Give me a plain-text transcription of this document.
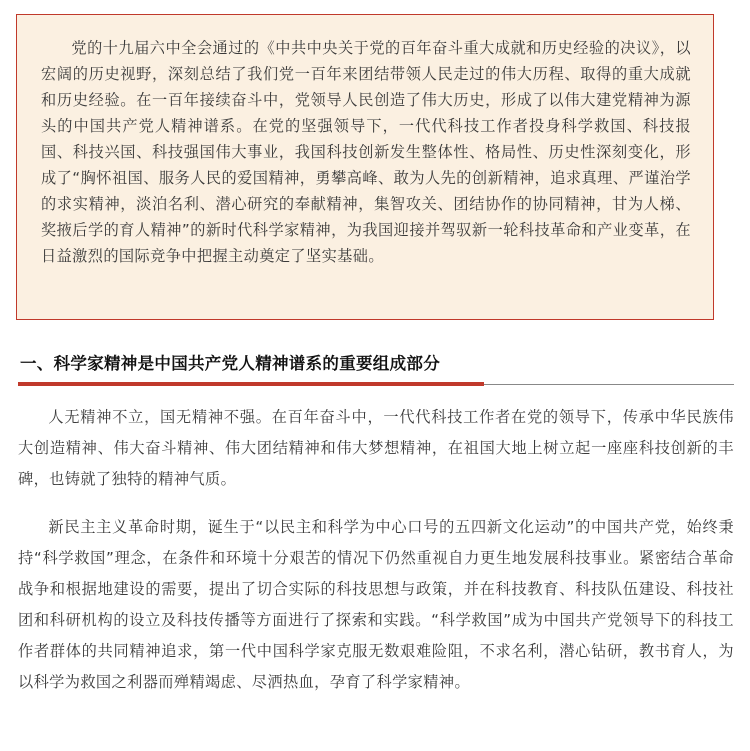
党的十九届六中全会通过的《中共中央关于党的百年奋斗重大成就和历史经验的决议》，以宏阔的历史视野，深刻总结了我们党一百年来团结带领人民走过的伟大历程、取得的重大成就和历史经验。在一百年接续奋斗中，党领导人民创造了伟大历史，形成了以伟大建党精神为源头的中国共产党人精神谱系。在党的坚强领导下，一代代科技工作者投身科学救国、科技报国、科技兴国、科技强国伟大事业，我国科技创新发生整体性、格局性、历史性深刻变化，形成了“胸怀祖国、服务人民的爱国精神，勇攀高峰、敢为人先的创新精神，追求真理、严谨治学的求实精神，淡泊名利、潜心研究的奉献精神，集智攻关、团结协作的协同精神，甘为人梯、奖掖后学的育人精神”的新时代科学家精神，为我国迎接并驾驭新一轮科技革命和产业变革，在日益激烈的国际竞争中把握主动奠定了坚实基础。

一、科学家精神是中国共产党人精神谱系的重要组成部分

人无精神不立，国无精神不强。在百年奋斗中，一代代科技工作者在党的领导下，传承中华民族伟大创造精神、伟大奋斗精神、伟大团结精神和伟大梦想精神，在祖国大地上树立起一座座科技创新的丰碑，也铸就了独特的精神气质。

新民主主义革命时期，诞生于“以民主和科学为中心口号的五四新文化运动”的中国共产党，始终秉持“科学救国”理念，在条件和环境十分艰苦的情况下仍然重视自力更生地发展科技事业。紧密结合革命战争和根据地建设的需要，提出了切合实际的科技思想与政策，并在科技教育、科技队伍建设、科技社团和科研机构的设立及科技传播等方面进行了探索和实践。“科学救国”成为中国共产党领导下的科技工作者群体的共同精神追求，第一代中国科学家克服无数艰难险阻，不求名利，潜心钻研，教书育人，为以科学为救国之利器而殚精竭虑、尽洒热血，孕育了科学家精神。
